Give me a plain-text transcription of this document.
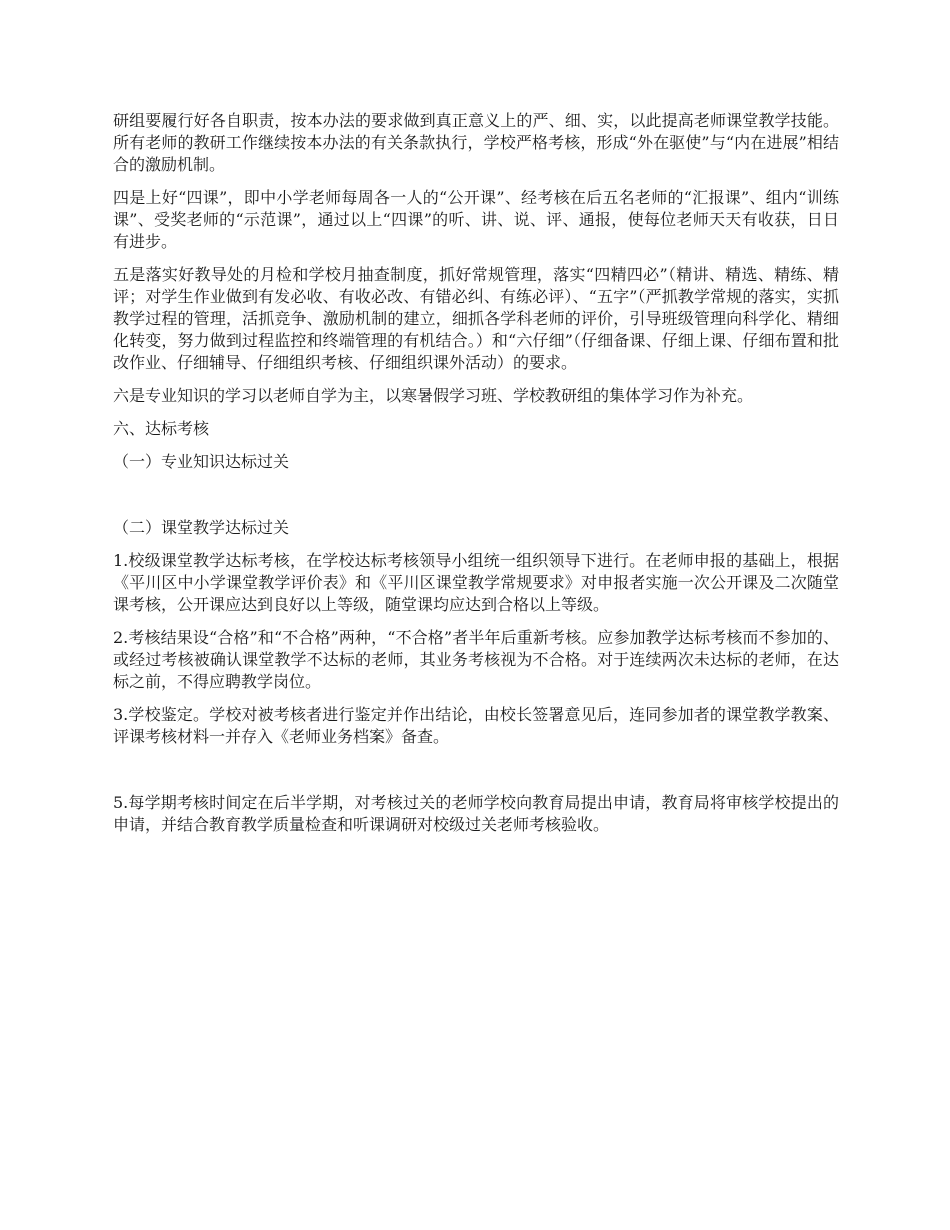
研组要履行好各自职责，按本办法的要求做到真正意义上的严、细、实，以此提高老师课堂教学技能。所有老师的教研工作继续按本办法的有关条款执行，学校严格考核，形成“外在驱使”与“内在进展”相结合的激励机制。

四是上好“四课”，即中小学老师每周各一人的“公开课”、经考核在后五名老师的“汇报课”、组内“训练课”、受奖老师的“示范课”，通过以上“四课”的听、讲、说、评、通报，使每位老师天天有收获，日日有进步。

五是落实好教导处的月检和学校月抽查制度，抓好常规管理，落实“四精四必”（精讲、精选、精练、精评；对学生作业做到有发必收、有收必改、有错必纠、有练必评）、“五字”（严抓教学常规的落实，实抓教学过程的管理，活抓竞争、激励机制的建立，细抓各学科老师的评价，引导班级管理向科学化、精细化转变，努力做到过程监控和终端管理的有机结合。）和“六仔细”（仔细备课、仔细上课、仔细布置和批改作业、仔细辅导、仔细组织考核、仔细组织课外活动）的要求。

六是专业知识的学习以老师自学为主，以寒暑假学习班、学校教研组的集体学习作为补充。

六、达标考核

（一）专业知识达标过关

（二）课堂教学达标过关

1.校级课堂教学达标考核，在学校达标考核领导小组统一组织领导下进行。在老师申报的基础上，根据《平川区中小学课堂教学评价表》和《平川区课堂教学常规要求》对申报者实施一次公开课及二次随堂课考核，公开课应达到良好以上等级，随堂课均应达到合格以上等级。

2.考核结果设“合格”和“不合格”两种，“不合格”者半年后重新考核。应参加教学达标考核而不参加的、或经过考核被确认课堂教学不达标的老师，其业务考核视为不合格。对于连续两次未达标的老师，在达标之前，不得应聘教学岗位。

3.学校鉴定。学校对被考核者进行鉴定并作出结论，由校长签署意见后，连同参加者的课堂教学教案、评课考核材料一并存入《老师业务档案》备查。

5.每学期考核时间定在后半学期，对考核过关的老师学校向教育局提出申请，教育局将审核学校提出的申请，并结合教育教学质量检查和听课调研对校级过关老师考核验收。
